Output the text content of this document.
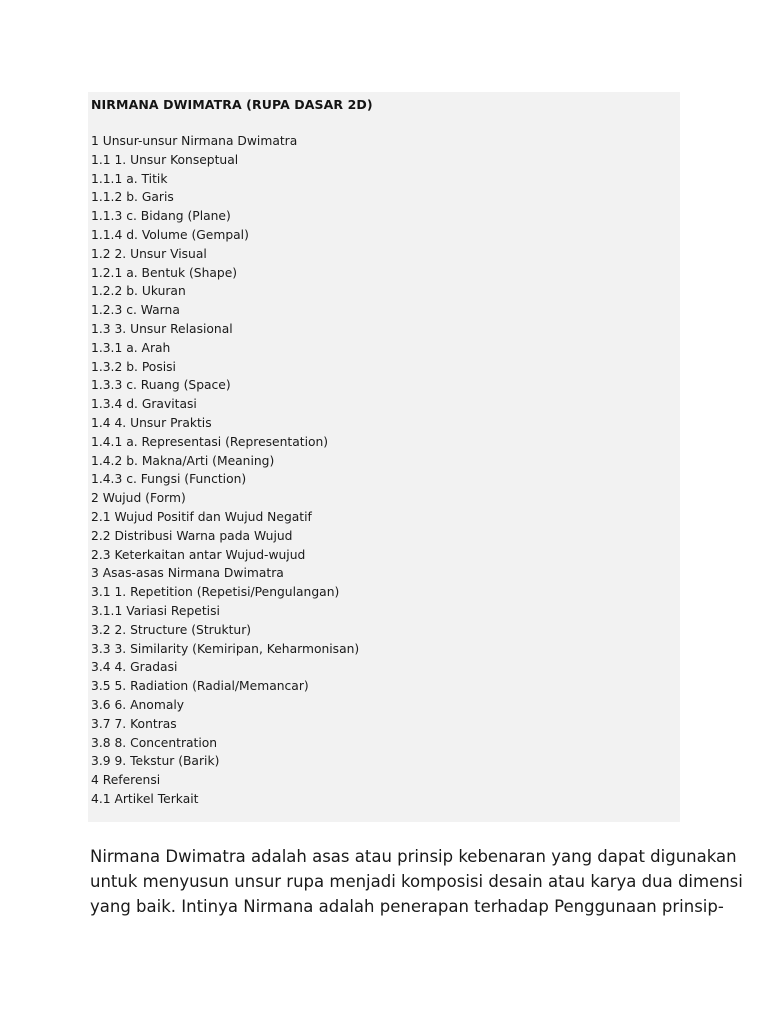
NIRMANA DWIMATRA (RUPA DASAR 2D)
1 Unsur-unsur Nirmana Dwimatra
1.1 1. Unsur Konseptual
1.1.1 a. Titik
1.1.2 b. Garis
1.1.3 c. Bidang (Plane)
1.1.4 d. Volume (Gempal)
1.2 2. Unsur Visual
1.2.1 a. Bentuk (Shape)
1.2.2 b. Ukuran
1.2.3 c. Warna
1.3 3. Unsur Relasional
1.3.1 a. Arah
1.3.2 b. Posisi
1.3.3 c. Ruang (Space)
1.3.4 d. Gravitasi
1.4 4. Unsur Praktis
1.4.1 a. Representasi (Representation)
1.4.2 b. Makna/Arti (Meaning)
1.4.3 c. Fungsi (Function)
2 Wujud (Form)
2.1 Wujud Positif dan Wujud Negatif
2.2 Distribusi Warna pada Wujud
2.3 Keterkaitan antar Wujud-wujud
3 Asas-asas Nirmana Dwimatra
3.1 1. Repetition (Repetisi/Pengulangan)
3.1.1 Variasi Repetisi
3.2 2. Structure (Struktur)
3.3 3. Similarity (Kemiripan, Keharmonisan)
3.4 4. Gradasi
3.5 5. Radiation (Radial/Memancar)
3.6 6. Anomaly
3.7 7. Kontras
3.8 8. Concentration
3.9 9. Tekstur (Barik)
4 Referensi
4.1 Artikel Terkait

Nirmana Dwimatra adalah asas atau prinsip kebenaran yang dapat digunakan
untuk menyusun unsur rupa menjadi komposisi desain atau karya dua dimensi
yang baik. Intinya Nirmana adalah penerapan terhadap Penggunaan prinsip-
